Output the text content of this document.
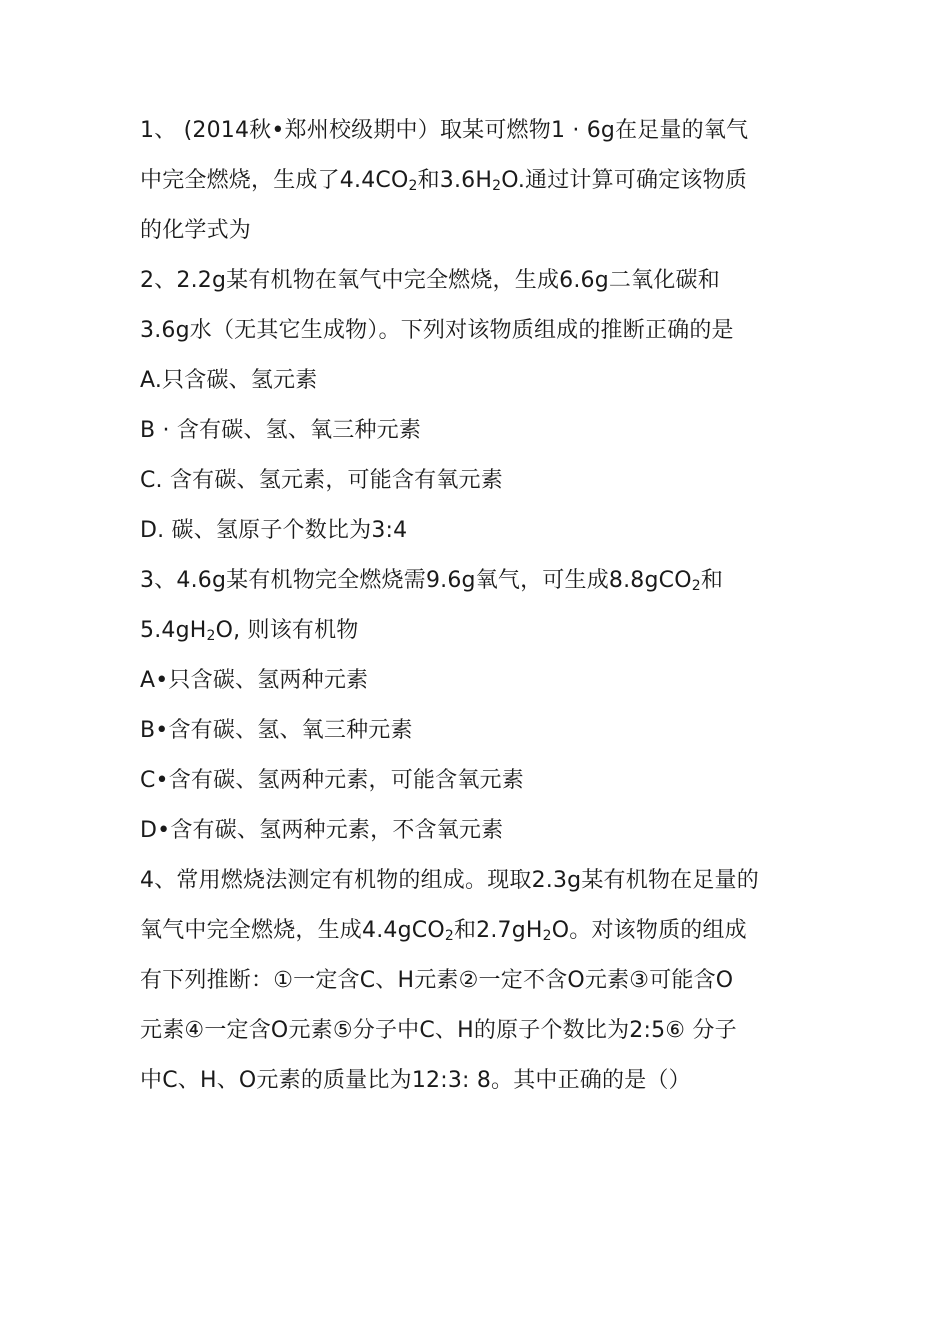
1、 (2014秋•郑州校级期中）取某可燃物1 · 6g在足量的氧气
中完全燃烧，生成了$4.4CO_2$和$3.6H_2O$.通过计算可确定该物质
的化学式为
2、2.2g某有机物在氧气中完全燃烧，生成6.6g二氧化碳和
3.6g水（无其它生成物）。下列对该物质组成的推断正确的是
A.只含碳、氢元素
B · 含有碳、氢、氧三种元素
C. 含有碳、氢元素，可能含有氧元素
D. 碳、氢原子个数比为3:4
3、4.6g某有机物完全燃烧需9.6g氧气，可生成8.8gCO$_2$和
$5.4gH_2O$, 则该有机物
A•只含碳、氢两种元素
B•含有碳、氢、氧三种元素
C•含有碳、氢两种元素，可能含氧元素
D•含有碳、氢两种元素，不含氧元素
4、常用燃烧法测定有机物的组成。现取2.3g某有机物在足量的
氧气中完全燃烧，生成4.4gCO$_2$和$2.7gH_2O$。对该物质的组成
有下列推断：①一定含C、H元素②一定不含O元素③可能含O
元素④一定含O元素⑤分子中C、H的原子个数比为2:5⑥ 分子
中C、H、O元素的质量比为12:3: 8。其中正确的是（）
